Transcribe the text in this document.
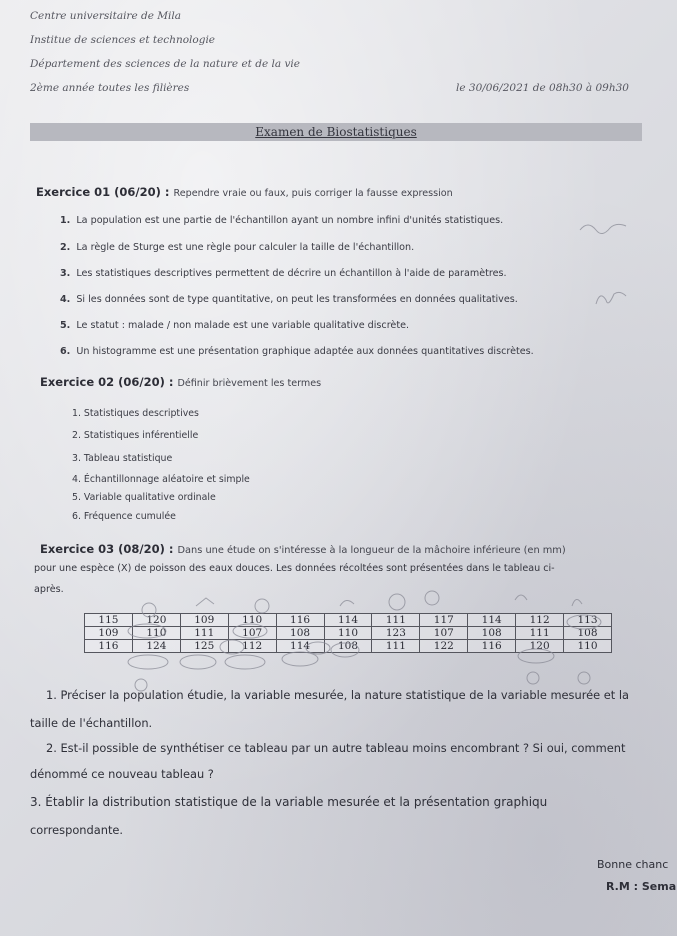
Centre universitaire de Mila
Institue de sciences et technologie
Département des sciences de la nature et de la vie
2ème année toutes les filières	le 30/06/2021 de 08h30 à 09h30
Examen de Biostatistiques
Exercice 01 (06/20) : Rependre vraie ou faux, puis corriger la fausse expression
1. La population est une partie de l'échantillon ayant un nombre infini d'unités statistiques.
2. La règle de Sturge est une règle pour calculer la taille de l'échantillon.
3. Les statistiques descriptives permettent de décrire un échantillon à l'aide de paramètres.
4. Si les données sont de type quantitative, on peut les transformées en données qualitatives.
5. Le statut : malade / non malade est une variable qualitative discrète.
6. Un histogramme est une présentation graphique adaptée aux données quantitatives discrètes.
Exercice 02 (06/20) : Définir brièvement les termes
1. Statistiques descriptives
2. Statistiques inférentielle
3. Tableau statistique
4. Échantillonnage aléatoire et simple
5. Variable qualitative ordinale
6. Fréquence cumulée
Exercice 03 (08/20) : Dans une étude on s'intéresse à la longueur de la mâchoire inférieure (en mm)
pour une espèce (X) de poisson des eaux douces. Les données récoltées sont présentées dans le tableau ci-
après.
115	120	109	110	116	114	111	117	114	112	113
109	110	111	107	108	110	123	107	108	111	108
116	124	125	112	114	108	111	122	116	120	110
1. Préciser la population étudie, la variable mesurée, la nature statistique de la variable mesurée et la
taille de l'échantillon.
2. Est-il possible de synthétiser ce tableau par un autre tableau moins encombrant ? Si oui, comment
dénommé ce nouveau tableau ?
3. Établir la distribution statistique de la variable mesurée et la présentation graphiqu
correspondante.
Bonne chanc
R.M : Sema
